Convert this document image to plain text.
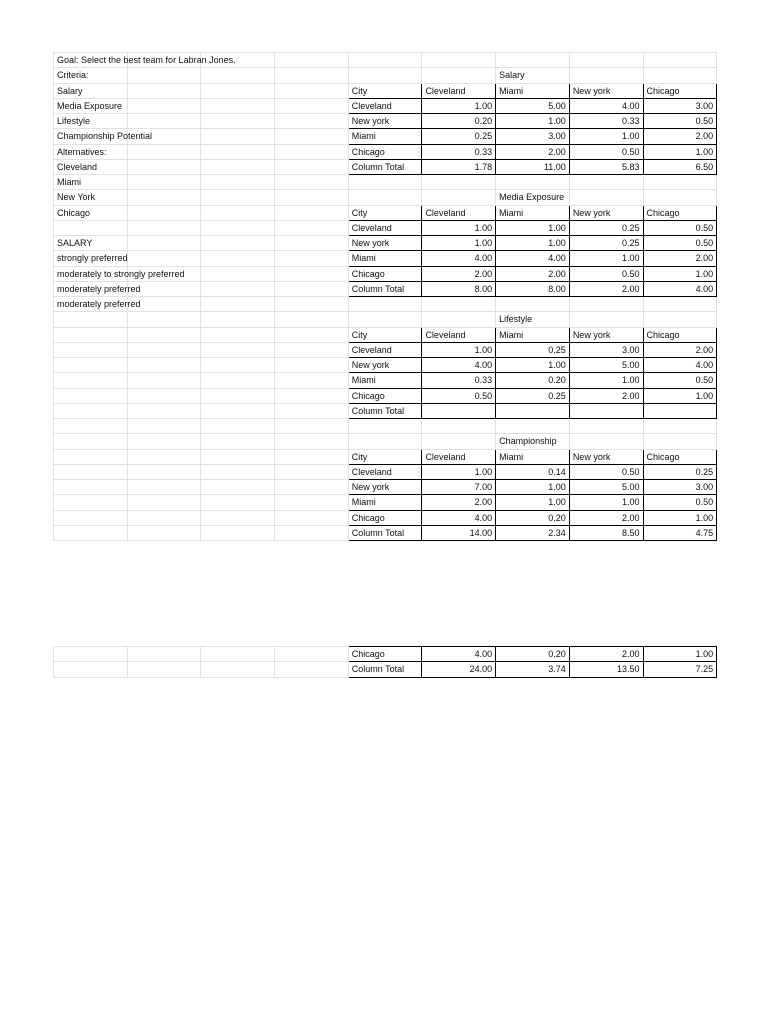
Goal: Select the best team for Labran Jones.								
Criteria:						Salary		
Salary				City	Cleveland	Miami	New york	Chicago
Media Exposure				Cleveland	1.00	5.00	4.00	3.00
Lifestyle				New york	0.20	1.00	0.33	0.50
Championship Potential				Miami	0.25	3.00	1.00	2.00
Alternatives:				Chicago	0.33	2.00	0.50	1.00
Cleveland				Column Total	1.78	11.00	5.83	6.50
Miami								
New York						Media Exposure		
Chicago				City	Cleveland	Miami	New york	Chicago
				Cleveland	1.00	1.00	0.25	0.50
SALARY				New york	1.00	1.00	0.25	0.50
strongly preferred				Miami	4.00	4.00	1.00	2.00
moderately to strongly preferred				Chicago	2.00	2.00	0.50	1.00
moderately preferred				Column Total	8.00	8.00	2.00	4.00
moderately preferred								
						Lifestyle		
				City	Cleveland	Miami	New york	Chicago
				Cleveland	1.00	0.25	3.00	2.00
				New york	4.00	1.00	5.00	4.00
				Miami	0.33	0.20	1.00	0.50
				Chicago	0.50	0.25	2.00	1.00
				Column Total				

						Championship		
				City	Cleveland	Miami	New york	Chicago
				Cleveland	1.00	0.14	0.50	0.25
				New york	7.00	1.00	5.00	3.00
				Miami	2.00	1.00	1.00	0.50
				Chicago	4.00	0.20	2.00	1.00
				Column Total	14.00	2.34	8.50	4.75
				Chicago	4.00	0.20	2.00	1.00
				Column Total	24.00	3.74	13.50	7.25
